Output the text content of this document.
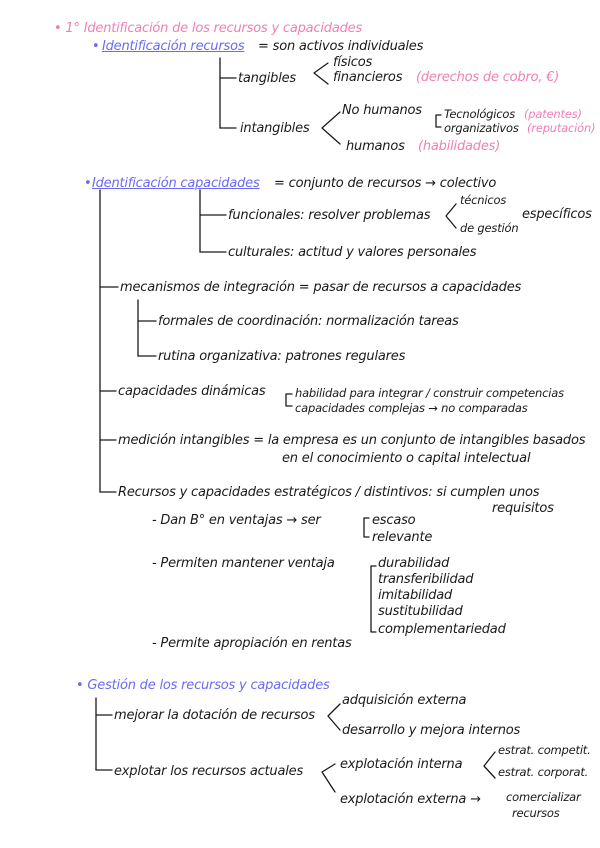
• 1° Identificación de los recursos y capacidades
• Identificación recursos = son activos individuales
tangibles
físicos
financieros (derechos de cobro, €)
intangibles
No humanos Tecnológicos (patentes)
organizativos (reputación)
humanos (habilidades)
• Identificación capacidades = conjunto de recursos → colectivo
funcionales: resolver problemas
técnicos
de gestión
específicos
culturales: actitud y valores personales
mecanismos de integración = pasar de recursos a capacidades
formales de coordinación: normalización tareas
rutina organizativa: patrones regulares
capacidades dinámicas	habilidad para integrar / construir competencias
capacidades complejas → no comparadas
medición intangibles = la empresa es un conjunto de intangibles basados
en el conocimiento o capital intelectual
Recursos y capacidades estratégicos / distintivos: si cumplen unos
requisitos
- Dan B° en ventajas → ser	escaso
relevante
- Permiten mantener ventaja	durabilidad
transferibilidad
imitabilidad
sustitubilidad
complementariedad
- Permite apropiación en rentas
• Gestión de los recursos y capacidades
mejorar la dotación de recursos
adquisición externa
desarrollo y mejora internos
explotar los recursos actuales	explotación interna
estrat. competit.
estrat. corporat.
explotación externa → comercializar
recursos
